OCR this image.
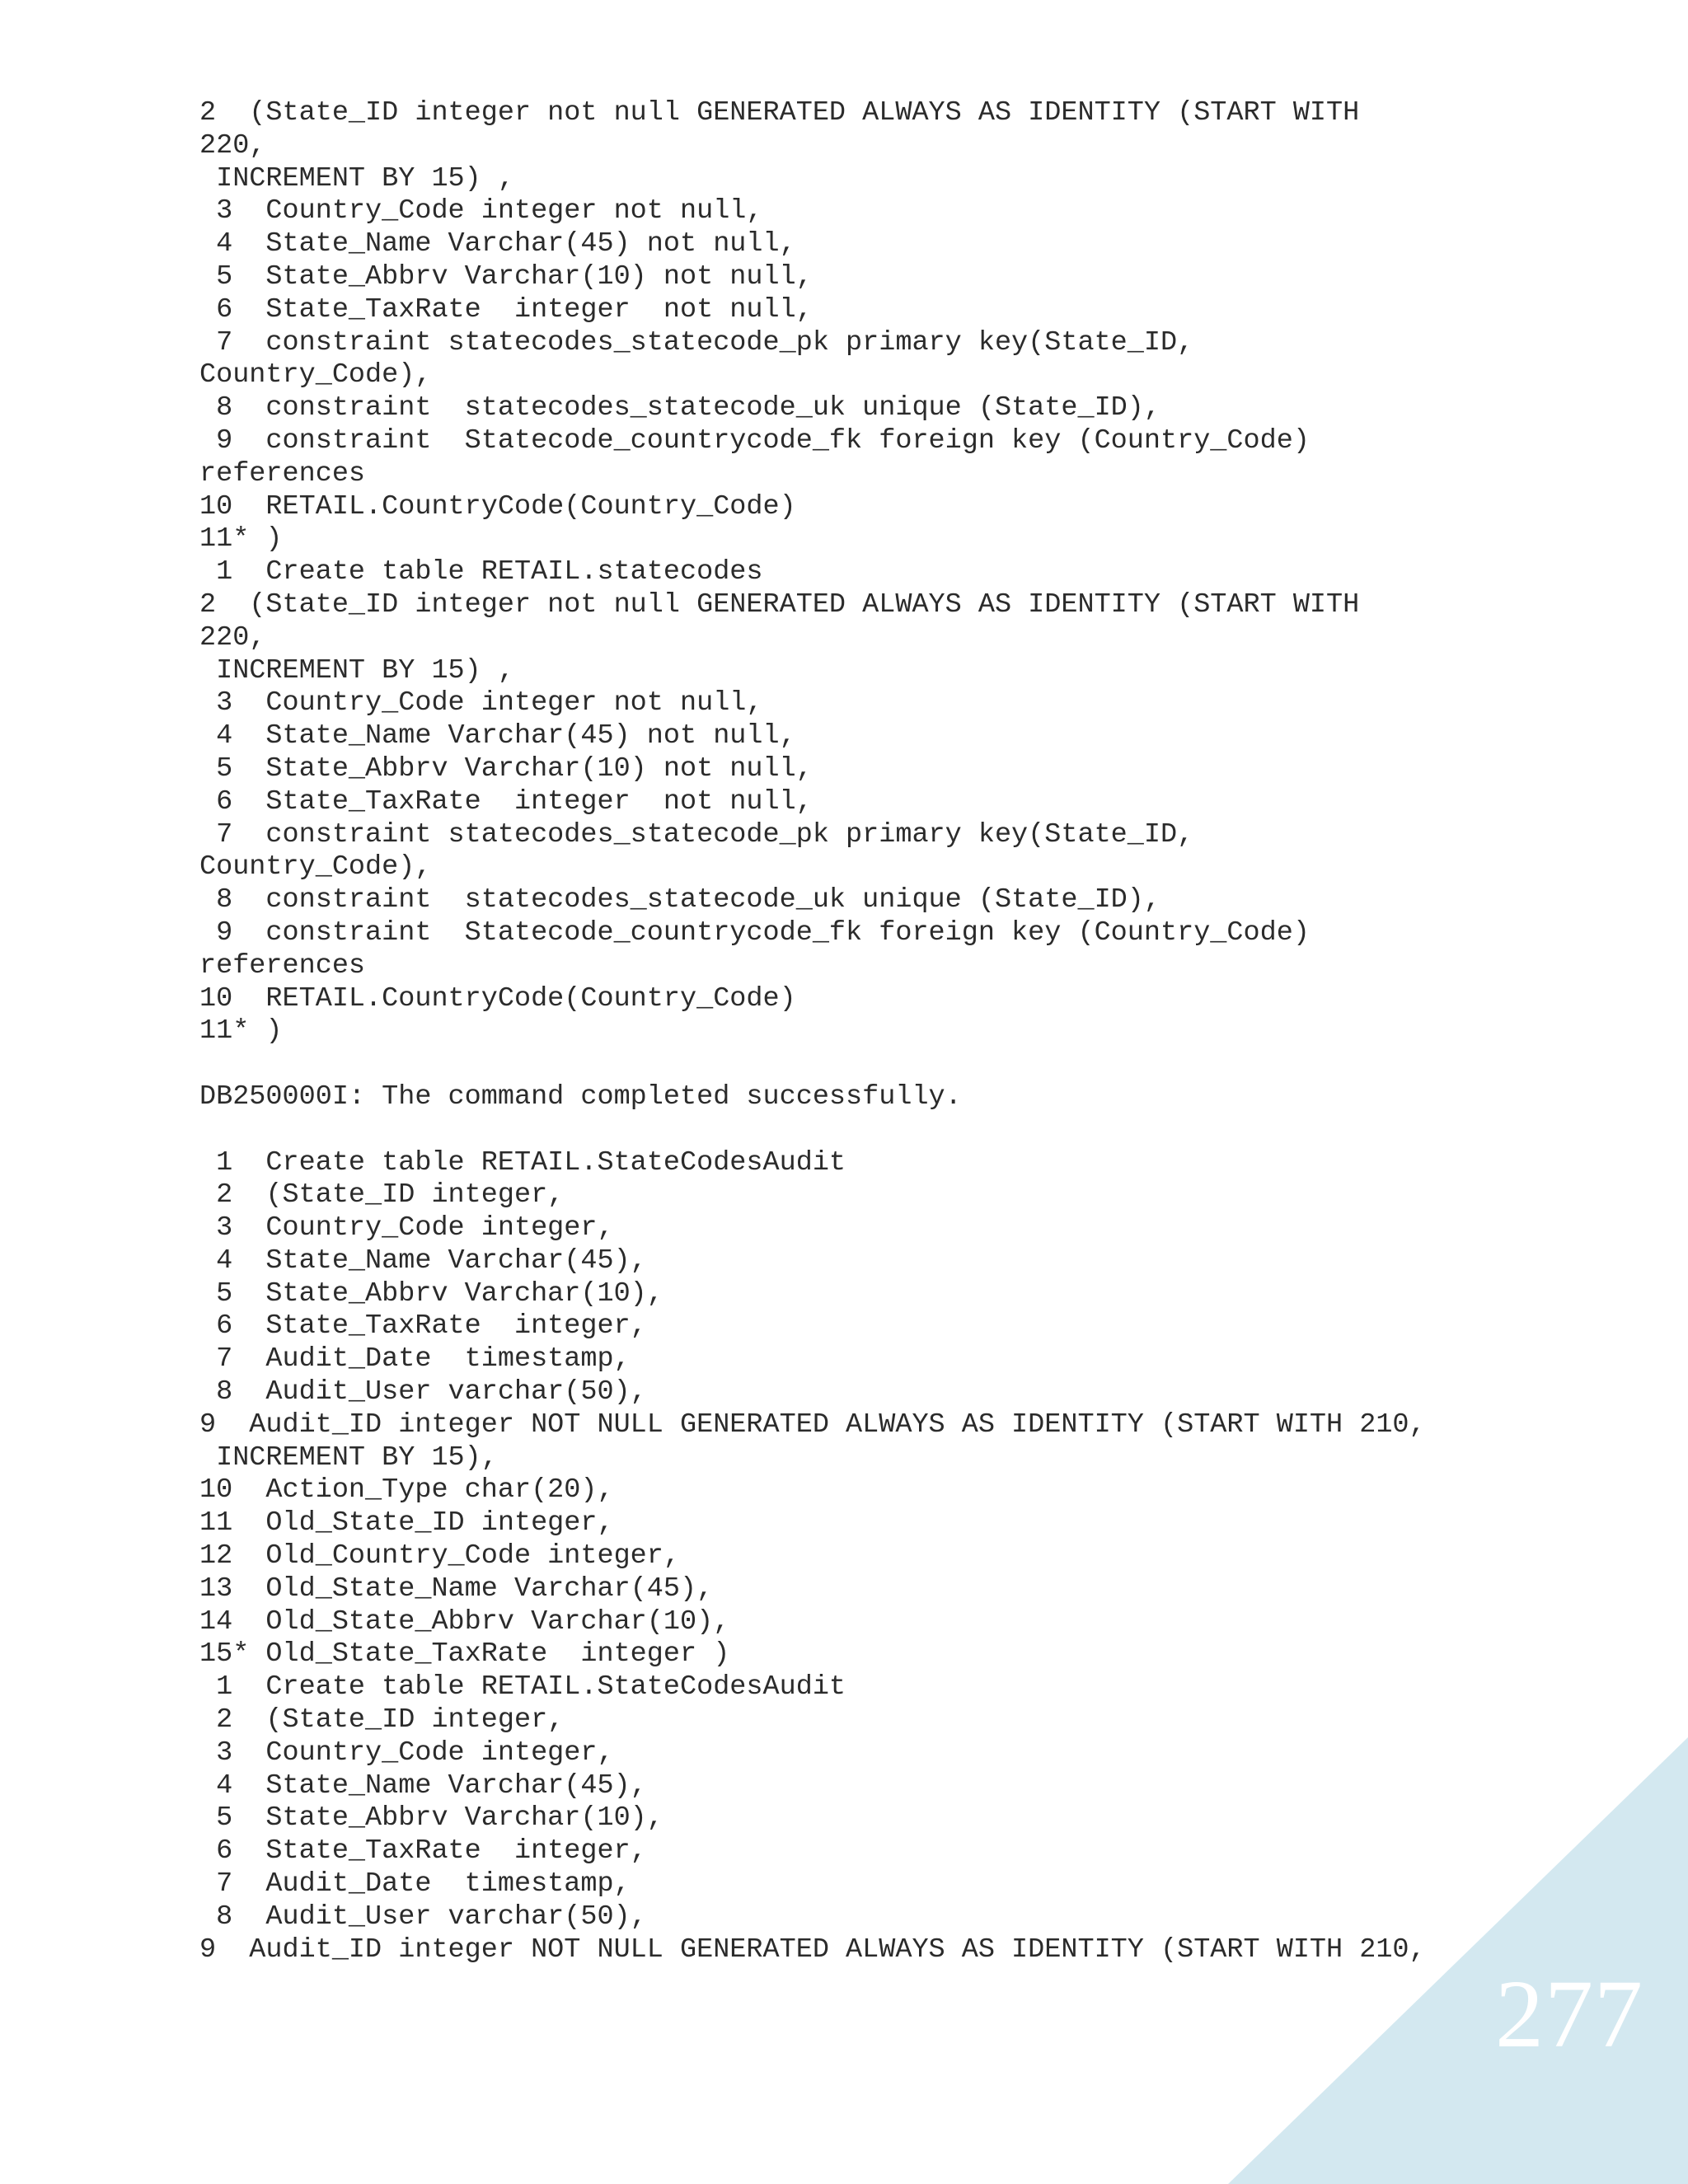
2  (State_ID integer not null GENERATED ALWAYS AS IDENTITY (START WITH
220,
INCREMENT BY 15) ,
3  Country_Code integer not null,
4  State_Name Varchar(45) not null,
5  State_Abbrv Varchar(10) not null,
6  State_TaxRate  integer  not null,
7  constraint statecodes_statecode_pk primary key(State_ID,
Country_Code),
8  constraint  statecodes_statecode_uk unique (State_ID),
9  constraint  Statecode_countrycode_fk foreign key (Country_Code)
references
10  RETAIL.CountryCode(Country_Code)
11* )
1  Create table RETAIL.statecodes
2  (State_ID integer not null GENERATED ALWAYS AS IDENTITY (START WITH
220,
INCREMENT BY 15) ,
3  Country_Code integer not null,
4  State_Name Varchar(45) not null,
5  State_Abbrv Varchar(10) not null,
6  State_TaxRate  integer  not null,
7  constraint statecodes_statecode_pk primary key(State_ID,
Country_Code),
8  constraint  statecodes_statecode_uk unique (State_ID),
9  constraint  Statecode_countrycode_fk foreign key (Country_Code)
references
10  RETAIL.CountryCode(Country_Code)
11* )
DB250000I: The command completed successfully.
1  Create table RETAIL.StateCodesAudit
2  (State_ID integer,
3  Country_Code integer,
4  State_Name Varchar(45),
5  State_Abbrv Varchar(10),
6  State_TaxRate  integer,
7  Audit_Date  timestamp,
8  Audit_User varchar(50),
9  Audit_ID integer NOT NULL GENERATED ALWAYS AS IDENTITY (START WITH 210,
INCREMENT BY 15),
10  Action_Type char(20),
11  Old_State_ID integer,
12  Old_Country_Code integer,
13  Old_State_Name Varchar(45),
14  Old_State_Abbrv Varchar(10),
15* Old_State_TaxRate  integer )
1  Create table RETAIL.StateCodesAudit
2  (State_ID integer,
3  Country_Code integer,
4  State_Name Varchar(45),
5  State_Abbrv Varchar(10),
6  State_TaxRate  integer,
7  Audit_Date  timestamp,
8  Audit_User varchar(50),
9  Audit_ID integer NOT NULL GENERATED ALWAYS AS IDENTITY (START WITH 210,
277
